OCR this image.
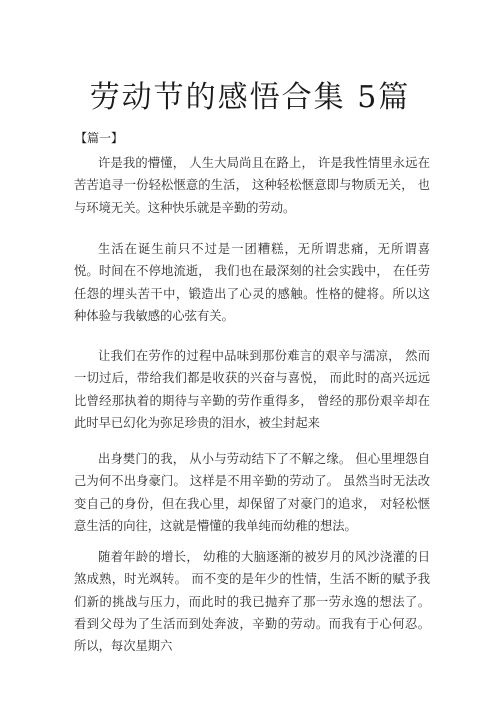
劳动节的感悟合集 5篇
【篇一】

许是我的懵懂， 人生大局尚且在路上， 许是我性情里永远在苦苦追寻一份轻松惬意的生活， 这种轻松惬意即与物质无关， 也与环境无关。这种快乐就是辛勤的劳动。

生活在诞生前只不过是一团糟糕，无所谓悲痛，无所谓喜悦。时间在不停地流逝， 我们也在最深刻的社会实践中， 在任劳任怨的埋头苦干中，锻造出了心灵的感触。性格的健将。所以这种体验与我敏感的心弦有关。

让我们在劳作的过程中品味到那份难言的艰辛与濡凉， 然而一切过后，带给我们都是收获的兴奋与喜悦， 而此时的高兴远远比曾经那执着的期待与辛勤的劳作重得多， 曾经的那份艰辛却在此时早已幻化为弥足珍贵的泪水，被尘封起来

出身樊门的我， 从小与劳动结下了不解之缘。 但心里埋怨自己为何不出身豪门。 这样是不用辛勤的劳动了。 虽然当时无法改变自己的身份，但在我心里，却保留了对豪门的追求， 对轻松惬意生活的向往，这就是懵懂的我单纯而幼稚的想法。

随着年龄的增长， 幼稚的大脑逐渐的被岁月的风沙浇灌的日煞成熟，时光飒转。 而不变的是年少的性情，生活不断的赋予我们新的挑战与压力，而此时的我已抛弃了那一劳永逸的想法了。 看到父母为了生活而到处奔波，辛勤的劳动。而我有于心何忍。所以，每次星期六
